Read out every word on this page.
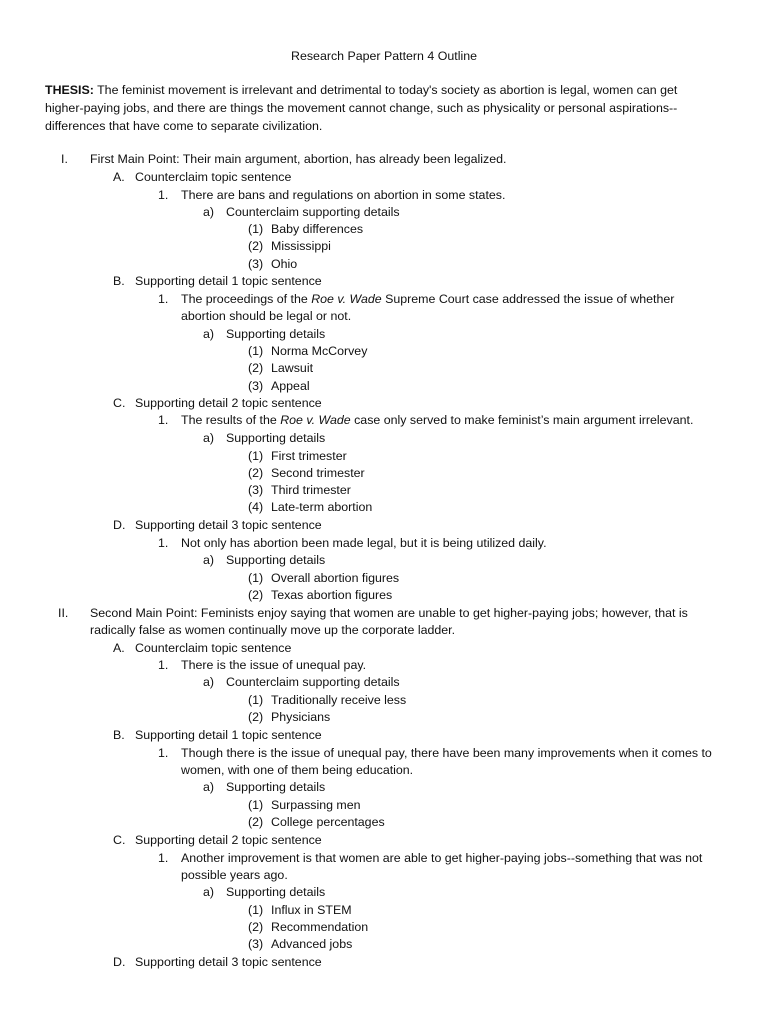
Research Paper Pattern 4 Outline
THESIS: The feminist movement is irrelevant and detrimental to today's society as abortion is legal, women can get higher-paying jobs, and there are things the movement cannot change, such as physicality or personal aspirations--differences that have come to separate civilization.
I. First Main Point: Their main argument, abortion, has already been legalized.
A. Counterclaim topic sentence
1. There are bans and regulations on abortion in some states.
a) Counterclaim supporting details
(1) Baby differences
(2) Mississippi
(3) Ohio
B. Supporting detail 1 topic sentence
1. The proceedings of the Roe v. Wade Supreme Court case addressed the issue of whether
abortion should be legal or not.
a) Supporting details
(1) Norma McCorvey
(2) Lawsuit
(3) Appeal
C. Supporting detail 2 topic sentence
1. The results of the Roe v. Wade case only served to make feminist’s main argument irrelevant.
a) Supporting details
(1) First trimester
(2) Second trimester
(3) Third trimester
(4) Late-term abortion
D. Supporting detail 3 topic sentence
1. Not only has abortion been made legal, but it is being utilized daily.
a) Supporting details
(1) Overall abortion figures
(2) Texas abortion figures
II. Second Main Point: Feminists enjoy saying that women are unable to get higher-paying jobs; however, that is
radically false as women continually move up the corporate ladder.
A. Counterclaim topic sentence
1. There is the issue of unequal pay.
a) Counterclaim supporting details
(1) Traditionally receive less
(2) Physicians
B. Supporting detail 1 topic sentence
1. Though there is the issue of unequal pay, there have been many improvements when it comes to
women, with one of them being education.
a) Supporting details
(1) Surpassing men
(2) College percentages
C. Supporting detail 2 topic sentence
1. Another improvement is that women are able to get higher-paying jobs--something that was not
possible years ago.
a) Supporting details
(1) Influx in STEM
(2) Recommendation
(3) Advanced jobs
D. Supporting detail 3 topic sentence
